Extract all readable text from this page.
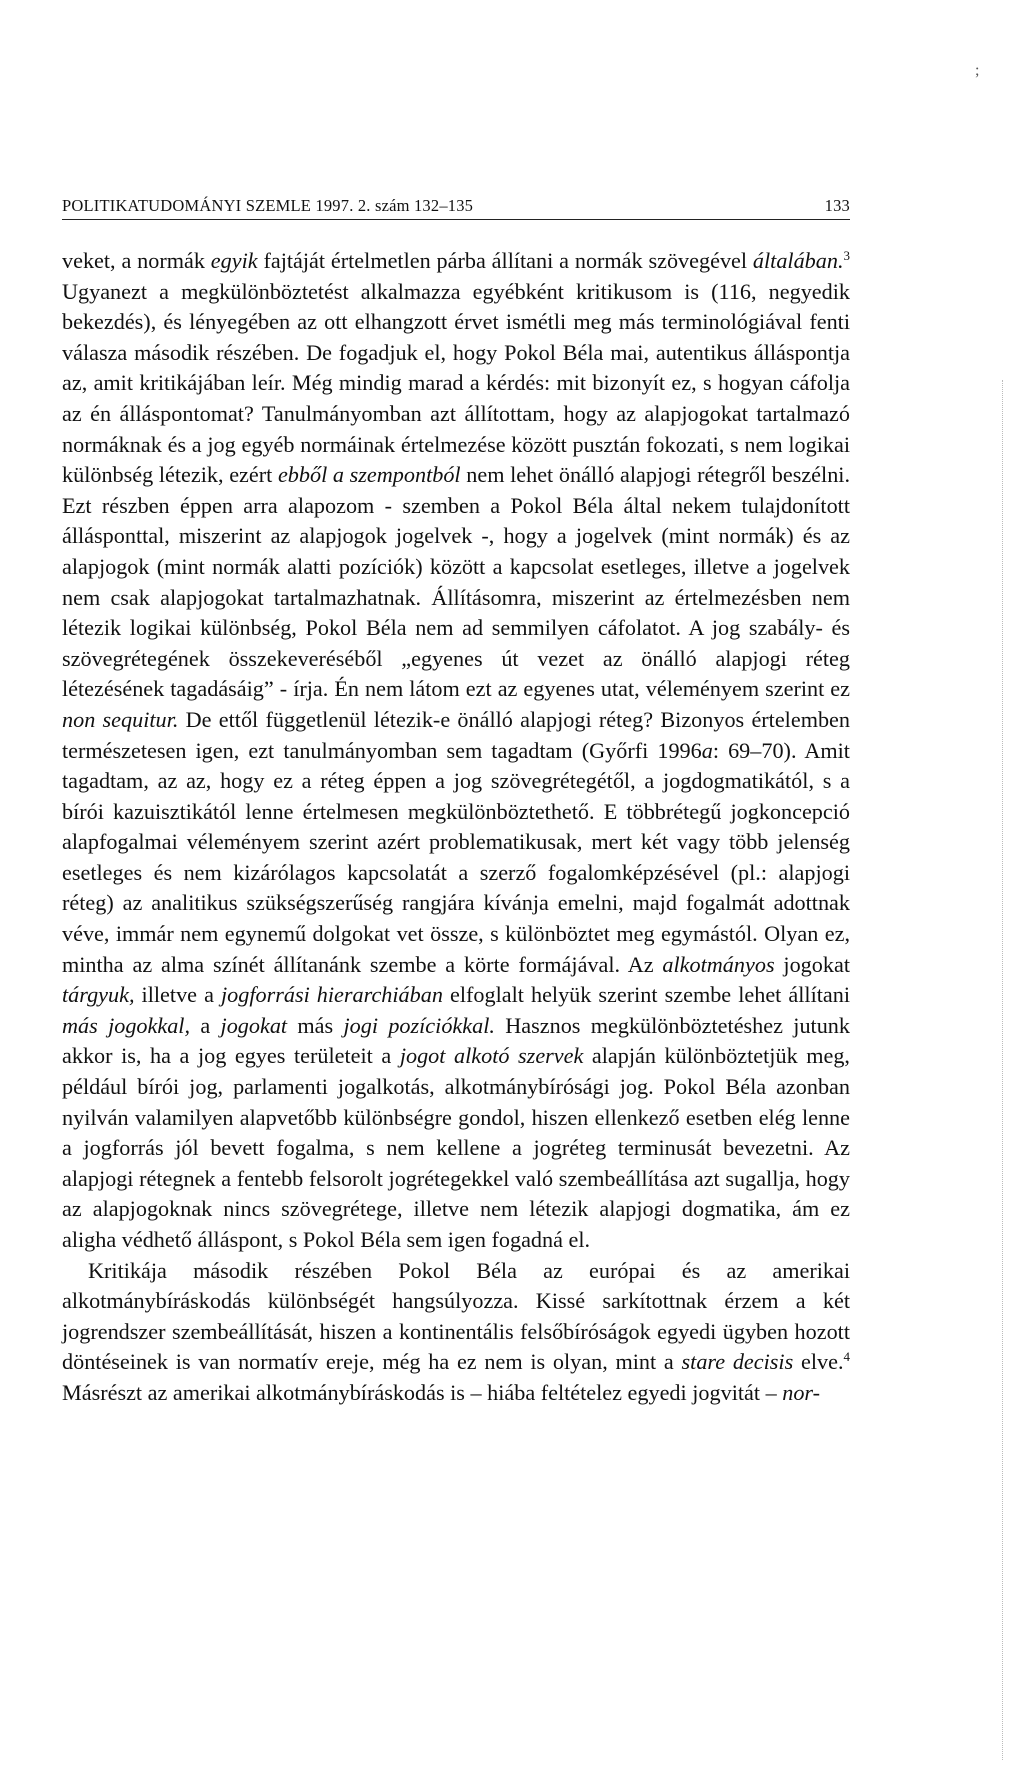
;
POLITIKATUDOMÁNYI SZEMLE 1997. 2. szám 132–135	133

veket, a normák egyik fajtáját értelmetlen párba állítani a normák szövegével általában.$^3$ Ugyanezt a megkülönböztetést alkalmazza egyébként kritikusom is (116, negyedik bekezdés), és lényegében az ott elhangzott érvet ismétli meg más terminológiával fenti válasza második részében. De fogadjuk el, hogy Pokol Béla mai, autentikus álláspontja az, amit kritikájában leír. Még mindig marad a kérdés: mit bizonyít ez, s hogyan cáfolja az én álláspontomat? Tanulmányomban azt állítottam, hogy az alapjogokat tartalmazó normáknak és a jog egyéb normáinak értelmezése között pusztán fokozati, s nem logikai különbség létezik, ezért ebből a szempontból nem lehet önálló alapjogi rétegről beszélni. Ezt részben éppen arra alapozom - szemben a Pokol Béla által nekem tulajdonított állásponttal, miszerint az alapjogok jogelvek -, hogy a jogelvek (mint normák) és az alapjogok (mint normák alatti pozíciók) között a kapcsolat esetleges, illetve a jogelvek nem csak alapjogokat tartalmazhatnak. Állításomra, miszerint az értelmezésben nem létezik logikai különbség, Pokol Béla nem ad semmilyen cáfolatot. A jog szabály- és szövegrétegének összekeveréséből „egyenes út vezet az önálló alapjogi réteg létezésének tagadásáig” - írja. Én nem látom ezt az egyenes utat, véleményem szerint ez non sequitur. De ettől függetlenül létezik-e önálló alapjogi réteg? Bizonyos értelemben természetesen igen, ezt tanulmányomban sem tagadtam (Győrfi 1996a: 69–70). Amit tagadtam, az az, hogy ez a réteg éppen a jog szövegrétegétől, a jogdogmatikától, s a bírói kazuisztikától lenne értelmesen megkülönböztethető. E többrétegű jogkoncepció alapfogalmai véleményem szerint azért problematikusak, mert két vagy több jelenség esetleges és nem kizárólagos kapcsolatát a szerző fogalomképzésével (pl.: alapjogi réteg) az analitikus szükségszerűség rangjára kívánja emelni, majd fogalmát adottnak véve, immár nem egynemű dolgokat vet össze, s különböztet meg egymástól. Olyan ez, mintha az alma színét állítanánk szembe a körte formájával. Az alkotmányos jogokat tárgyuk, illetve a jogforrási hierarchiában elfoglalt helyük szerint szembe lehet állítani más jogokkal, a jogokat más jogi pozíciókkal. Hasznos megkülönböztetéshez jutunk akkor is, ha a jog egyes területeit a jogot alkotó szervek alapján különböztetjük meg, például bírói jog, parlamenti jogalkotás, alkotmánybírósági jog. Pokol Béla azonban nyilván valamilyen alapvetőbb különbségre gondol, hiszen ellenkező esetben elég lenne a jogforrás jól bevett fogalma, s nem kellene a jogréteg terminusát bevezetni. Az alapjogi rétegnek a fentebb felsorolt jogrétegekkel való szembeállítása azt sugallja, hogy az alapjogoknak nincs szövegrétege, illetve nem létezik alapjogi dogmatika, ám ez aligha védhető álláspont, s Pokol Béla sem igen fogadná el.

Kritikája második részében Pokol Béla az európai és az amerikai alkotmánybíráskodás különbségét hangsúlyozza. Kissé sarkítottnak érzem a két jogrendszer szembeállítását, hiszen a kontinentális felsőbíróságok egyedi ügyben hozott döntéseinek is van normatív ereje, még ha ez nem is olyan, mint a stare decisis elve.$^4$ Másrészt az amerikai alkotmánybíráskodás is – hiába feltételez egyedi jogvitát – nor-
